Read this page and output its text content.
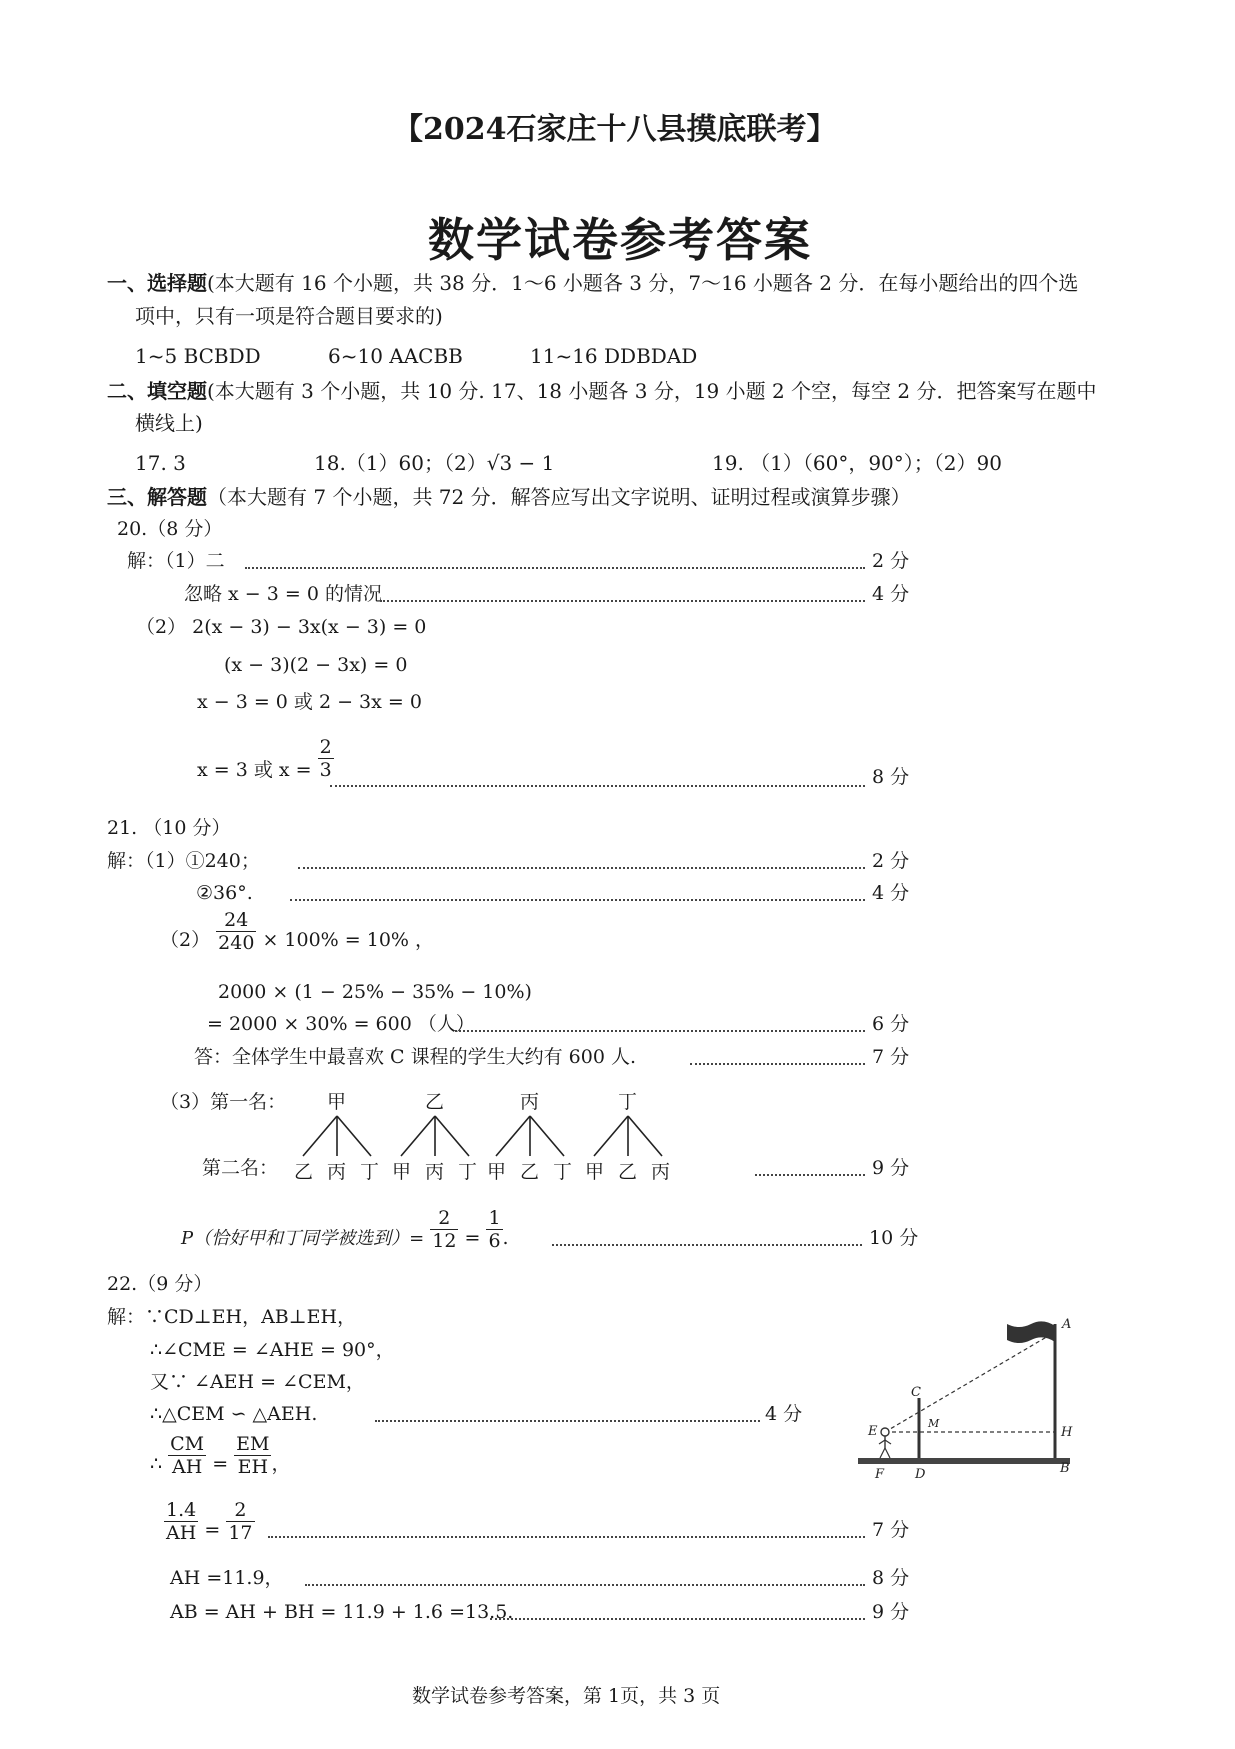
【2024石家庄十八县摸底联考】
数学试卷参考答案
一、选择题(本大题有 16 个小题，共 38 分．1～6 小题各 3 分，7～16 小题各 2 分．在每小题给出的四个选
项中，只有一项是符合题目要求的)
1~5 BCBDD	6~10 AACBB	11~16 DDBDAD
二、填空题(本大题有 3 个小题，共 10 分. 17、18 小题各 3 分，19 小题 2 个空，每空 2 分．把答案写在题中
横线上)
17. 3	18.（1）60；（2）√3 − 1	19. （1）（60°，90°）；（2）90
三、解答题（本大题有 7 个小题，共 72 分．解答应写出文字说明、证明过程或演算步骤）
20.（8 分）
解：（1）二	2 分
忽略 x − 3 = 0 的情况	4 分
（2） 2(x − 3) − 3x(x − 3) = 0
(x − 3)(2 − 3x) = 0
x − 3 = 0 或 2 − 3x = 0
x = 3 或 $x = \frac{2}{3}$	8 分
21. （10 分）
解：（1）①240；	2 分
②36°.	4 分
$(2) \frac{24}{240} \times 100\% = 10\%$ ，
2000 × (1 − 25% − 35% − 10%)
= 2000 × 30% = 600 （人）	6 分
答：全体学生中最喜欢 C 课程的学生大约有 600 人.	7 分
（3）第一名：
第二名：
甲	乙	丙	丁
乙 丙 丁 甲 丙 丁 甲 乙 丁 甲 乙 丙	9 分
P（恰好甲和丁同学被选到）= $\frac{2}{12} = \frac{1}{6}$ .	10 分
22.（9 分）
解：∵CD⊥EH，AB⊥EH，
∴∠CME = ∠AHE = 90°，
又∵ ∠AEH = ∠CEM，
∴△CEM ∽ △AEH.	4 分
∴ $\frac{CM}{AH} = \frac{EM}{EH}$ ，
$\frac{1.4}{AH} = \frac{2}{17}$	7 分
AH =11.9，	8 分
AB = AH + BH = 11.9 + 1.6 =13.5.	9 分
A
B
C
D
E
F
H
M
数学试卷参考答案，第 1页，共 3 页
